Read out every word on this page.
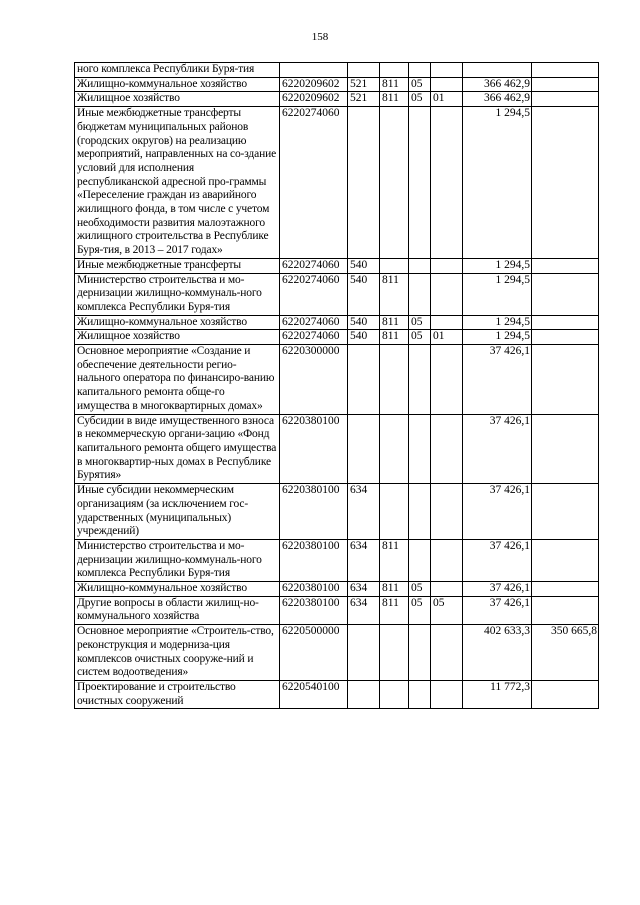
158
ного комплекса Республики Буря-тия							
Жилищно-коммунальное хозяйство	6220209602	521	811	05		366 462,9	
Жилищное хозяйство	6220209602	521	811	05	01	366 462,9	
Иные межбюджетные трансферты бюджетам муниципальных районов (городских округов) на реализацию мероприятий, направленных на со-здание условий для исполнения республиканской адресной про-граммы «Переселение граждан из аварийного жилищного фонда, в том числе с учетом необходимости развития малоэтажного жилищного строительства в Республике Буря-тия, в 2013 – 2017 годах»	6220274060					1 294,5	
Иные межбюджетные трансферты	6220274060	540				1 294,5	
Министерство строительства и мо-дернизации жилищно-коммуналь-ного комплекса Республики Буря-тия	6220274060	540	811			1 294,5	
Жилищно-коммунальное хозяйство	6220274060	540	811	05		1 294,5	
Жилищное хозяйство	6220274060	540	811	05	01	1 294,5	
Основное мероприятие «Создание и обеспечение деятельности регио-нального оператора по финансиро-ванию капитального ремонта обще-го имущества в многоквартирных домах»	6220300000					37 426,1	
Субсидии в виде имущественного взноса в некоммерческую органи-зацию «Фонд капитального ремонта общего имущества в многоквартир-ных домах в Республике Бурятия»	6220380100					37 426,1	
Иные субсидии некоммерческим организациям (за исключением гос-ударственных (муниципальных) учреждений)	6220380100	634				37 426,1	
Министерство строительства и мо-дернизации жилищно-коммуналь-ного комплекса Республики Буря-тия	6220380100	634	811			37 426,1	
Жилищно-коммунальное хозяйство	6220380100	634	811	05		37 426,1	
Другие вопросы в области жилищ-но-коммунального хозяйства	6220380100	634	811	05	05	37 426,1	
Основное мероприятие «Строитель-ство, реконструкция и модерниза-ция комплексов очистных сооруже-ний и систем водоотведения»	6220500000					402 633,3	350 665,8
Проектирование и строительство очистных сооружений	6220540100					11 772,3	
